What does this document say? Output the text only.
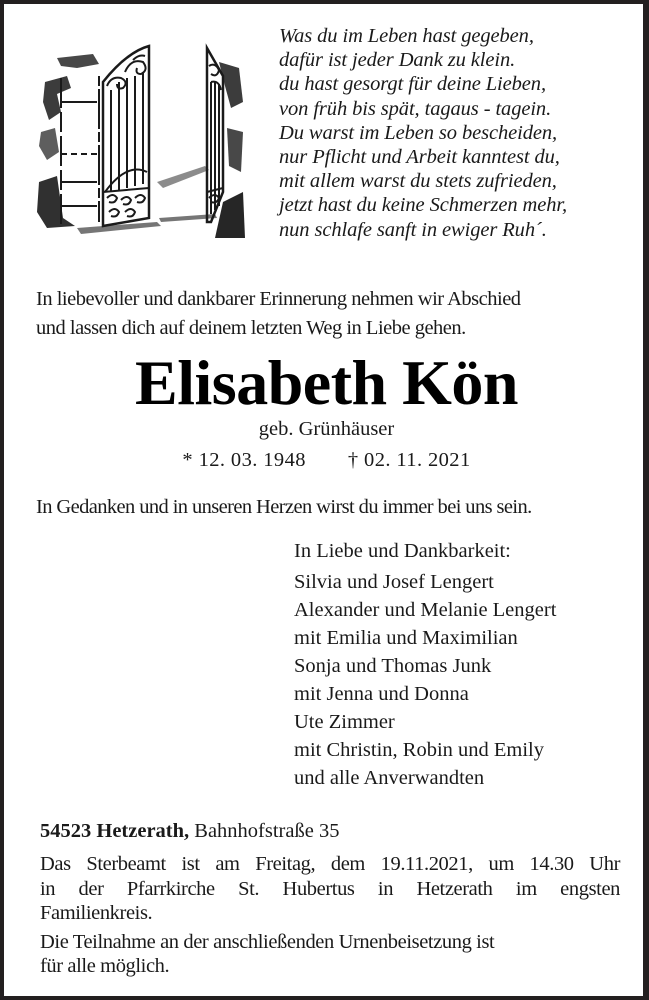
Was du im Leben hast gegeben,
dafür ist jeder Dank zu klein.
du hast gesorgt für deine Lieben,
von früh bis spät, tagaus - tagein.
Du warst im Leben so bescheiden,
nur Pflicht und Arbeit kanntest du,
mit allem warst du stets zufrieden,
jetzt hast du keine Schmerzen mehr,
nun schlafe sanft in ewiger Ruh´.
In liebevoller und dankbarer Erinnerung nehmen wir Abschied
und lassen dich auf deinem letzten Weg in Liebe gehen.
Elisabeth Kön
geb. Grünhäuser
* 12. 03. 1948 † 02. 11. 2021
In Gedanken und in unseren Herzen wirst du immer bei uns sein.
In Liebe und Dankbarkeit:
Silvia und Josef Lengert
Alexander und Melanie Lengert
mit Emilia und Maximilian
Sonja und Thomas Junk
mit Jenna und Donna
Ute Zimmer
mit Christin, Robin und Emily
und alle Anverwandten
54523 Hetzerath, Bahnhofstraße 35

Das Sterbeamt ist am Freitag, dem 19.11.2021, um 14.30 Uhr

in der Pfarrkirche St. Hubertus in Hetzerath im engsten

Familienkreis.

Die Teilnahme an der anschließenden Urnenbeisetzung ist

für alle möglich.
